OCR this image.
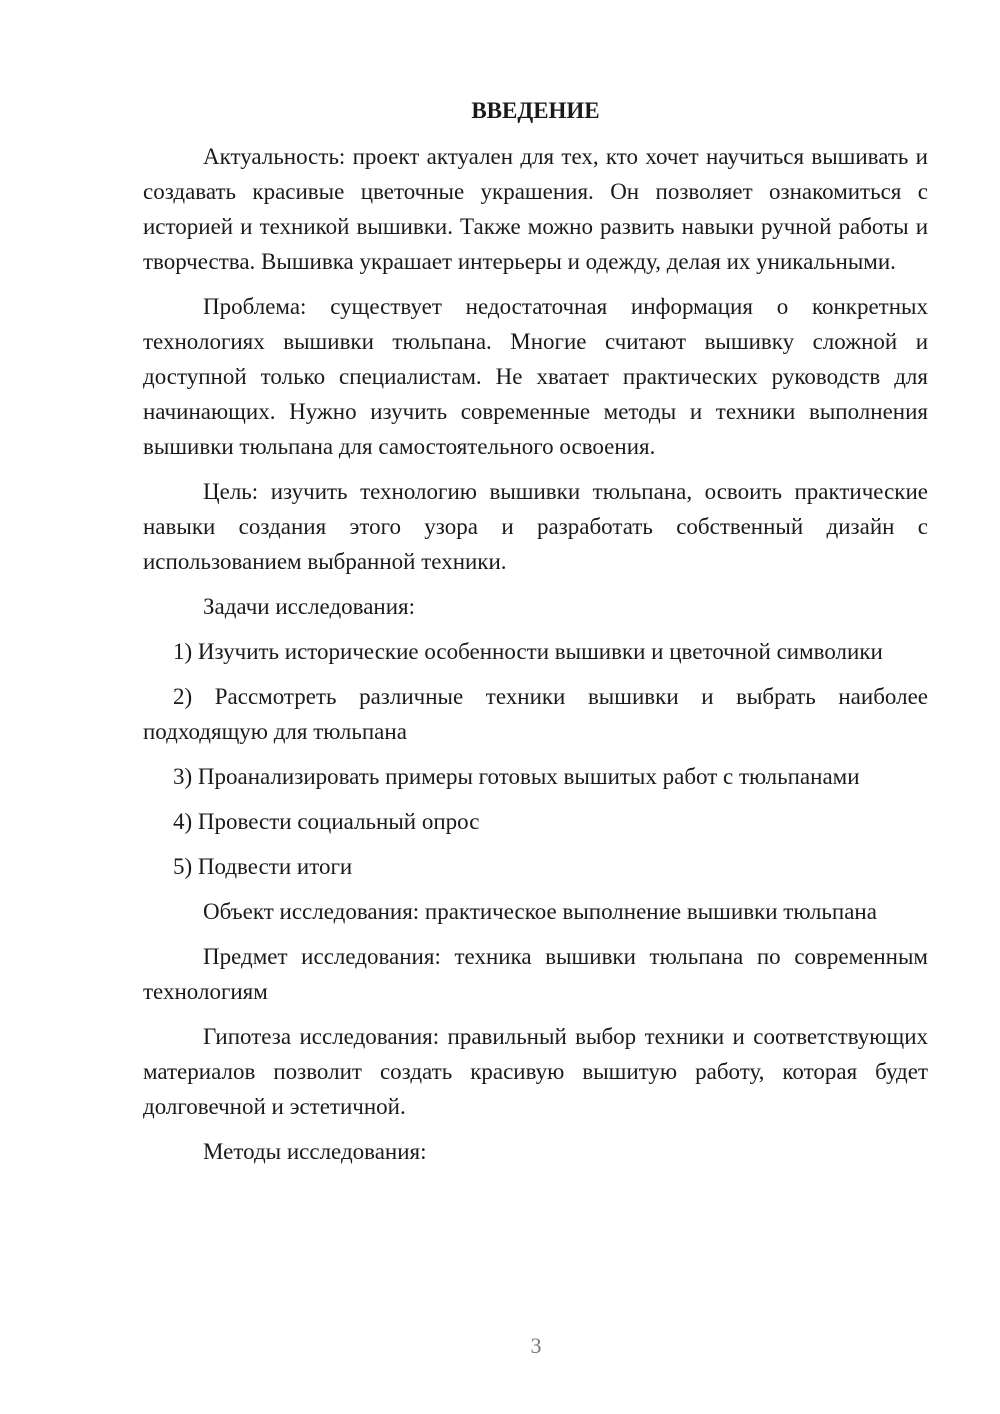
ВВЕДЕНИЕ

Актуальность: проект актуален для тех, кто хочет научиться вышивать и создавать красивые цветочные украшения. Он позволяет ознакомиться с историей и техникой вышивки. Также можно развить навыки ручной работы и творчества. Вышивка украшает интерьеры и одежду, делая их уникальными.

Проблема: существует недостаточная информация о конкретных технологиях вышивки тюльпана. Многие считают вышивку сложной и доступной только специалистам. Не хватает практических руководств для начинающих. Нужно изучить современные методы и техники выполнения вышивки тюльпана для самостоятельного освоения.

Цель: изучить технологию вышивки тюльпана, освоить практические навыки создания этого узора и разработать собственный дизайн с использованием выбранной техники.

Задачи исследования:

1) Изучить исторические особенности вышивки и цветочной символики

2) Рассмотреть различные техники вышивки и выбрать наиболее подходящую для тюльпана

3) Проанализировать примеры готовых вышитых работ с тюльпанами

4) Провести социальный опрос

5) Подвести итоги

Объект исследования: практическое выполнение вышивки тюльпана

Предмет исследования: техника вышивки тюльпана по современным технологиям

Гипотеза исследования: правильный выбор техники и соответствующих материалов позволит создать красивую вышитую работу, которая будет долговечной и эстетичной.

Методы исследования:

3
